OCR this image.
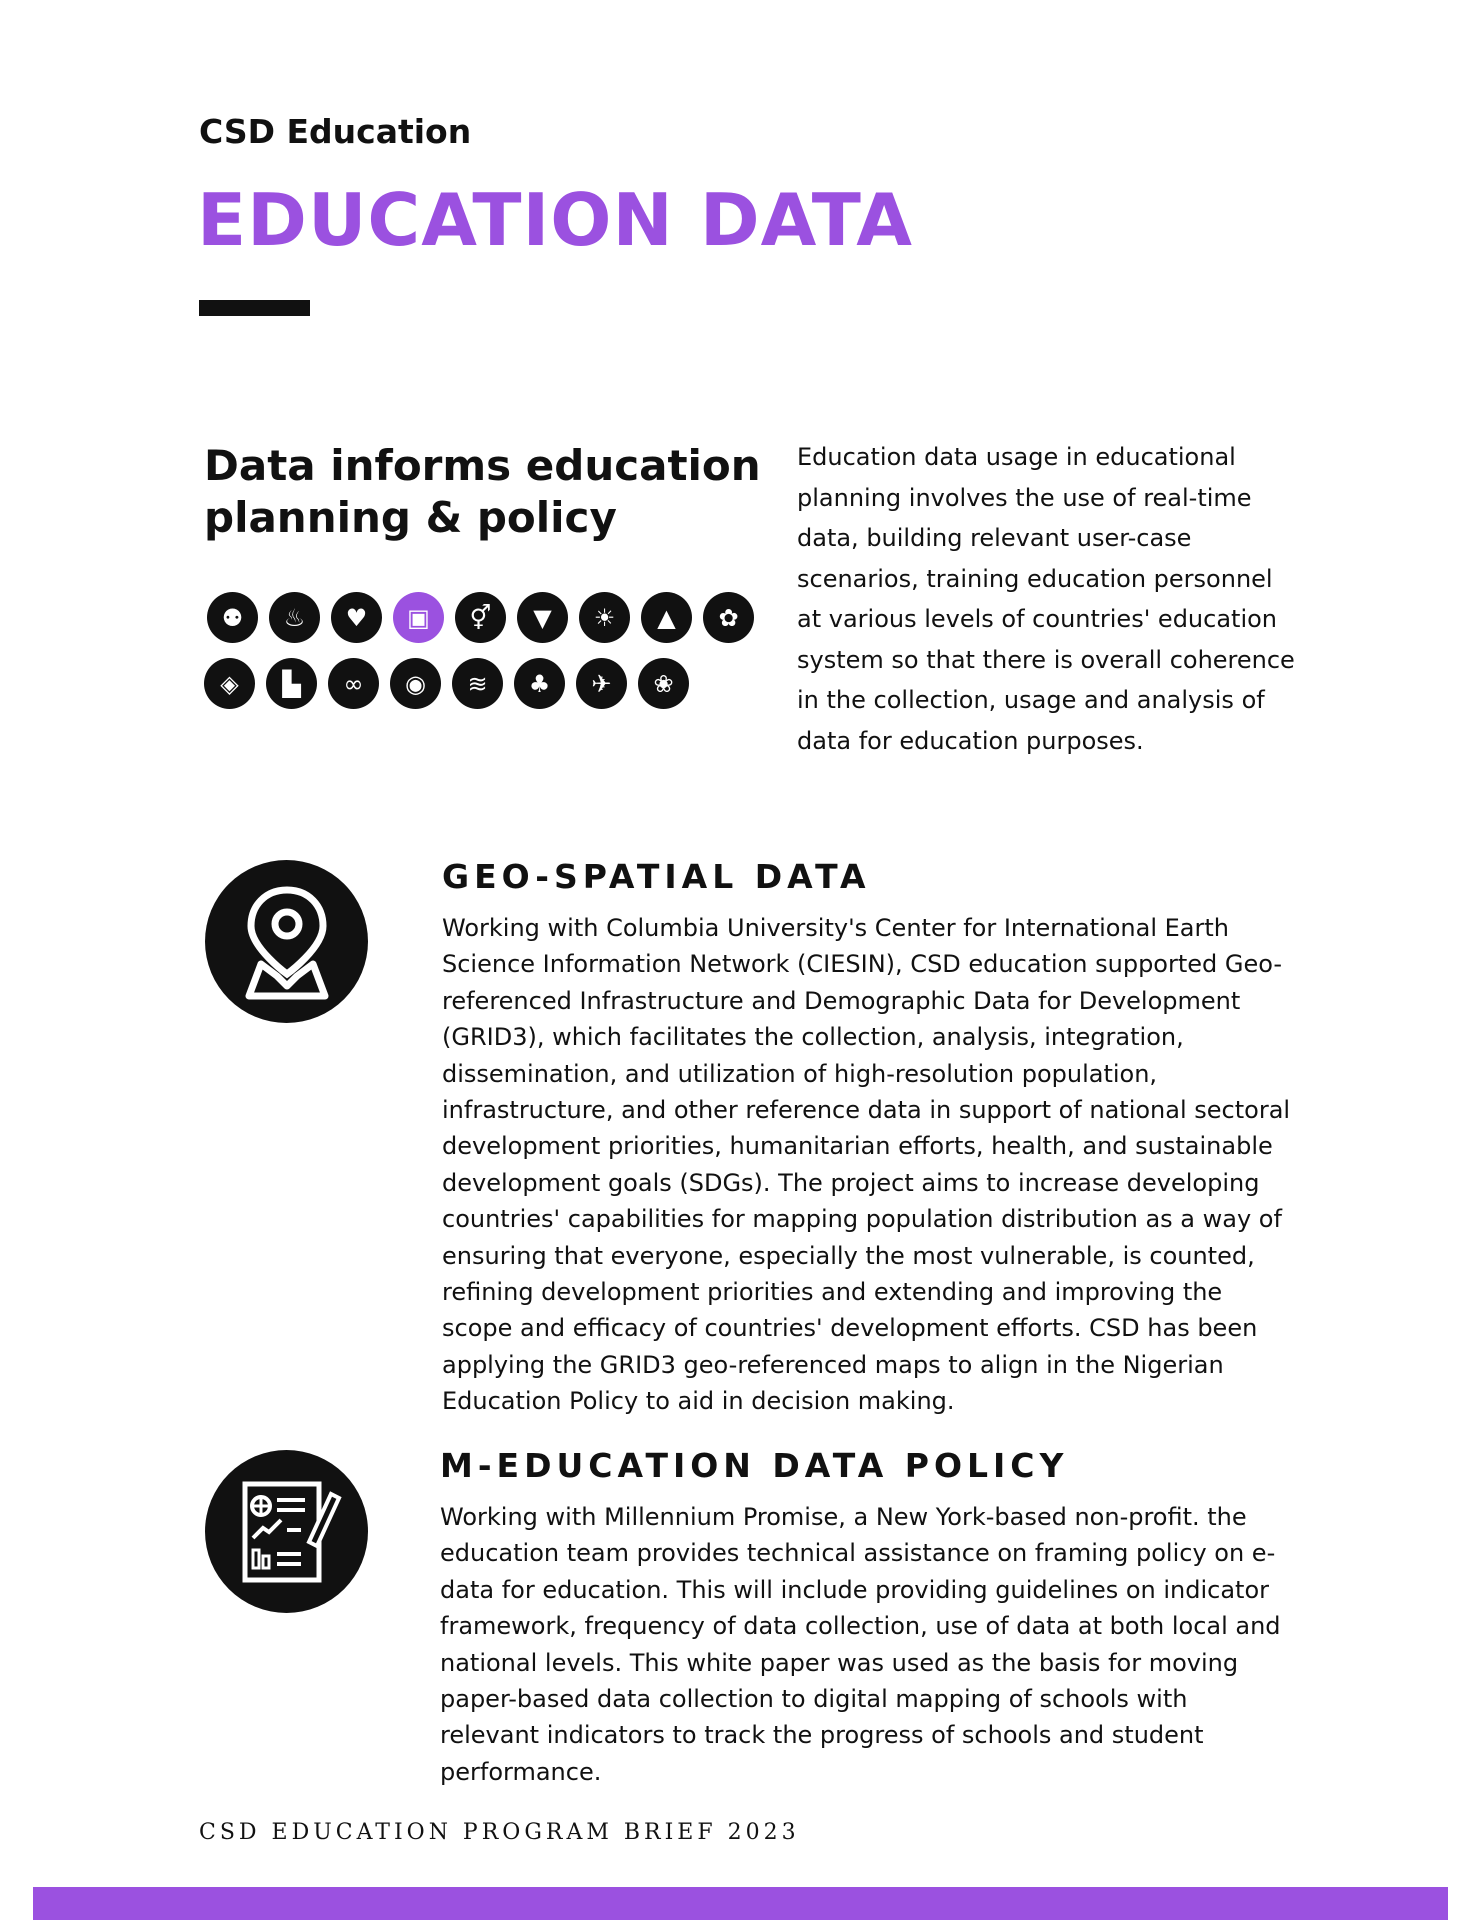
CSD Education
EDUCATION DATA
Data informs education planning & policy
Education data usage in educational planning involves the use of real-time data, building relevant user-case scenarios, training education personnel at various levels of countries' education system so that there is overall coherence in the collection, usage and analysis of data for education purposes.
⚉	♨	♥	▣	⚥	▼	☀	▲	✿
◈	▙	∞	◉	≋	♣	✈	❀
GEO-SPATIAL DATA
Working with Columbia University's Center for International Earth Science Information Network (CIESIN), CSD education supported Geo-referenced Infrastructure and Demographic Data for Development (GRID3), which facilitates the collection, analysis, integration, dissemination, and utilization of high-resolution population, infrastructure, and other reference data in support of national sectoral development priorities, humanitarian efforts, health, and sustainable development goals (SDGs). The project aims to increase developing countries' capabilities for mapping population distribution as a way of ensuring that everyone, especially the most vulnerable, is counted, refining development priorities and extending and improving the scope and efficacy of countries' development efforts. CSD has been applying the GRID3 geo-referenced maps to align in the Nigerian Education Policy to aid in decision making.
M-EDUCATION DATA POLICY
Working with Millennium Promise, a New York-based non-profit. the education team provides technical assistance on framing policy on e-data for education. This will include providing guidelines on indicator framework, frequency of data collection, use of data at both local and national levels. This white paper was used as the basis for moving paper-based data collection to digital mapping of schools with relevant indicators to track the progress of schools and student performance.
CSD EDUCATION PROGRAM BRIEF 2023
